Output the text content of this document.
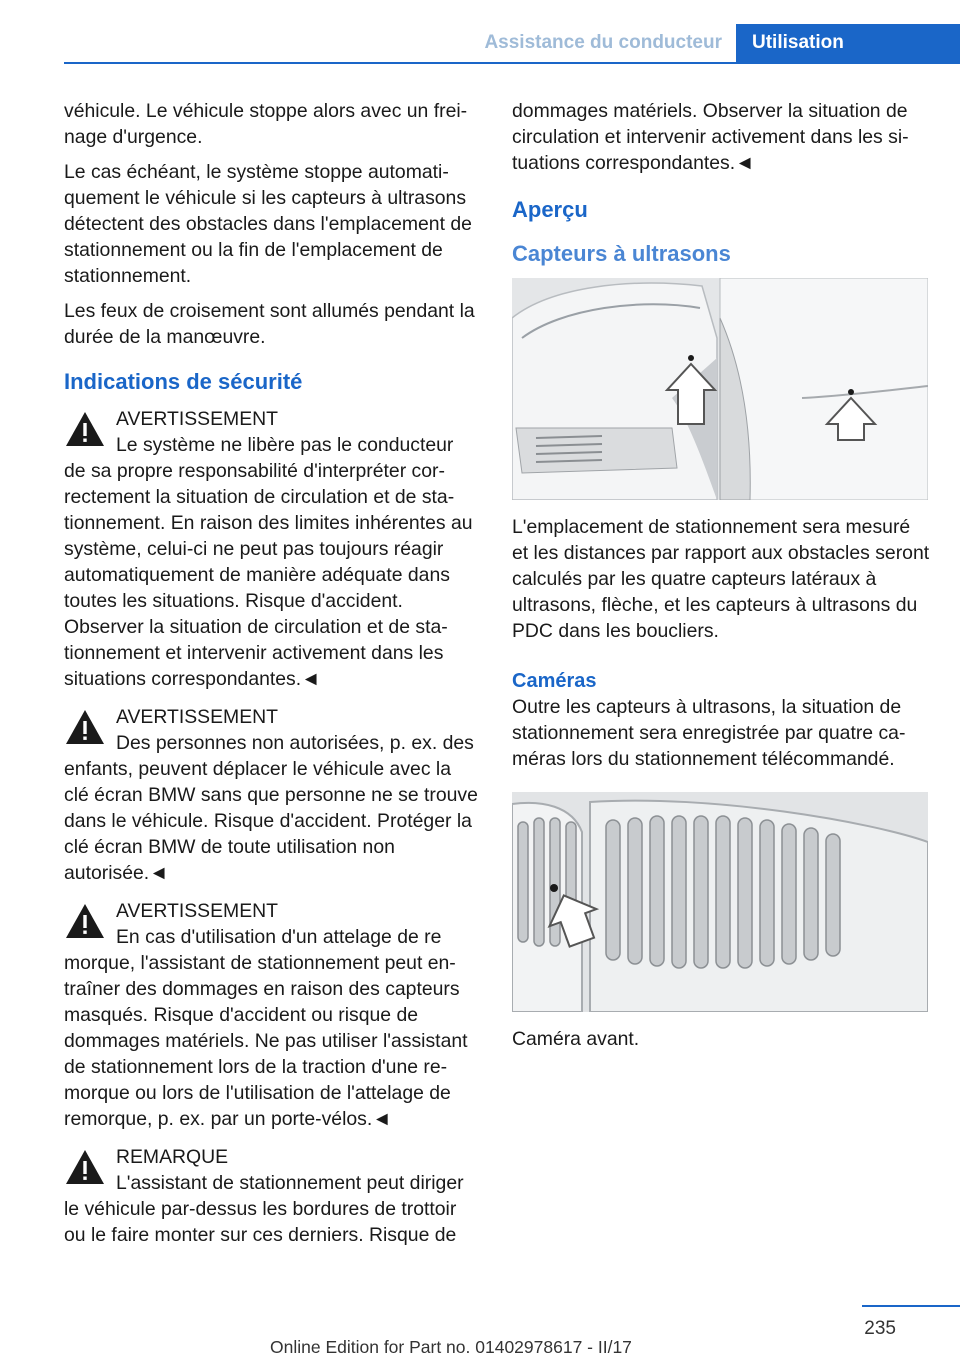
Assistance du conducteur	Utilisation

véhicule. Le véhicule stoppe alors avec un freinage d'urgence.

Le cas échéant, le système stoppe automatiquement le véhicule si les capteurs à ultrasons détectent des obstacles dans l'emplacement de stationnement ou la fin de l'emplacement de stationnement.

Les feux de croisement sont allumés pendant la durée de la manœuvre.

Indications de sécurité
AVERTISSEMENT
Le système ne libère pas le conducteur
de sa propre responsabilité d'interpréter correctement la situation de circulation et de stationnement. En raison des limites inhérentes au système, celui-ci ne peut pas toujours réagir automatiquement de manière adéquate dans toutes les situations. Risque d'accident. Observer la situation de circulation et de stationnement et intervenir activement dans les situations correspondantes.◄
AVERTISSEMENT
Des personnes non autorisées, p. ex. des
enfants, peuvent déplacer le véhicule avec la clé écran BMW sans que personne ne se trouve dans le véhicule. Risque d'accident. Protéger la clé écran BMW de toute utilisation non autorisée.◄
AVERTISSEMENT
En cas d'utilisation d'un attelage de re
morque, l'assistant de stationnement peut entraîner des dommages en raison des capteurs masqués. Risque d'accident ou risque de dommages matériels. Ne pas utiliser l'assistant de stationnement lors de la traction d'une remorque ou lors de l'utilisation de l'attelage de remorque, p. ex. par un porte-vélos.◄
REMARQUE
L'assistant de stationnement peut diriger
le véhicule par-dessus les bordures de trottoir ou le faire monter sur ces derniers. Risque de

dommages matériels. Observer la situation de circulation et intervenir activement dans les situations correspondantes.◄

Aperçu
Capteurs à ultrasons

L'emplacement de stationnement sera mesuré et les distances par rapport aux obstacles seront calculés par les quatre capteurs latéraux à ultrasons, flèche, et les capteurs à ultrasons du PDC dans les boucliers.

Caméras

Outre les capteurs à ultrasons, la situation de stationnement sera enregistrée par quatre caméras lors du stationnement télécommandé.

Caméra avant.

235
Online Edition for Part no. 01402978617 - II/17
